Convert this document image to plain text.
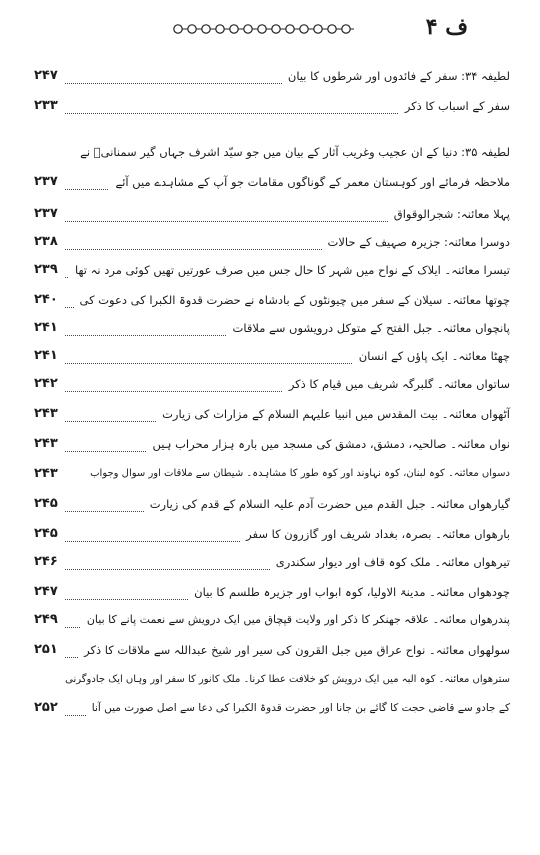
ف ۴
لطیفہ ۳۴: سفر کے فائدوں اور شرطوں کا بیان
۲۴۷
سفر کے اسباب کا ذکر
۲۳۳
لطیفہ ۳۵: دنیا کے ان عجیب وغریب آثار کے بیان میں جو سیّد اشرف جہاں گیر سمنانیؒ نے
ملاحظہ فرمائے اور کوہستان معمر کے گوناگوں مقامات جو آپ کے مشاہدے میں آئے
۲۳۷
پہلا معائنہ: شجرالوقواق
۲۳۷
دوسرا معائنہ: جزیرہ صہیف کے حالات
۲۳۸
تیسرا معائنہ۔ ایلاک کے نواح میں شہر کا حال جس میں صرف عورتیں تھیں کوئی مرد نہ تھا
۲۳۹
چوتھا معائنہ۔ سیلان کے سفر میں چیونٹوں کے بادشاہ نے حضرت قدوۃ الکبرا کی دعوت کی
۲۴۰
پانچواں معائنہ۔ جبل الفتح کے متوکل درویشوں سے ملاقات
۲۴۱
چھٹا معائنہ۔ ایک پاؤں کے انسان
۲۴۱
ساتواں معائنہ۔ گلبرگہ شریف میں قیام کا ذکر
۲۴۲
آٹھواں معائنہ۔ بیت المقدس میں انبیا علیہم السلام کے مزارات کی زیارت
۲۴۳
نواں معائنہ۔ صالحیہ، دمشق، دمشق کی مسجد میں بارہ ہزار محراب ہیں
۲۴۳
دسواں معائنہ۔ کوہ لبنان، کوہ نہاوند اور کوہ طور کا مشاہدہ۔ شیطان سے ملاقات اور سوال وجواب
۲۴۳
گیارھواں معائنہ۔ جبل القدم میں حضرت آدم علیہ السلام کے قدم کی زیارت
۲۴۵
بارھواں معائنہ۔ بصرہ، بغداد شریف اور گازرون کا سفر
۲۴۵
تیرھواں معائنہ۔ ملک کوہ قاف اور دیوار سکندری
۲۴۶
چودھواں معائنہ۔ مدینۃ الاولیا، کوہ ابواب اور جزیرہ طلسم کا بیان
۲۴۷
پندرھواں معائنہ۔ علاقہ جھنکر کا ذکر اور ولایت قپچاق میں ایک درویش سے نعمت پانے کا بیان
۲۴۹
سولھواں معائنہ۔ نواح عراق میں جبل القرون کی سیر اور شیخ عبداللہ سے ملاقات کا ذکر
۲۵۱
سترھواں معائنہ۔ کوہ البہ میں ایک درویش کو خلافت عطا کرنا۔ ملک کانور کا سفر اور وہاں ایک جادوگرنی
کے جادو سے قاضی حجت کا گائے بن جانا اور حضرت قدوۃ الکبرا کی دعا سے اصل صورت میں آنا
۲۵۲
